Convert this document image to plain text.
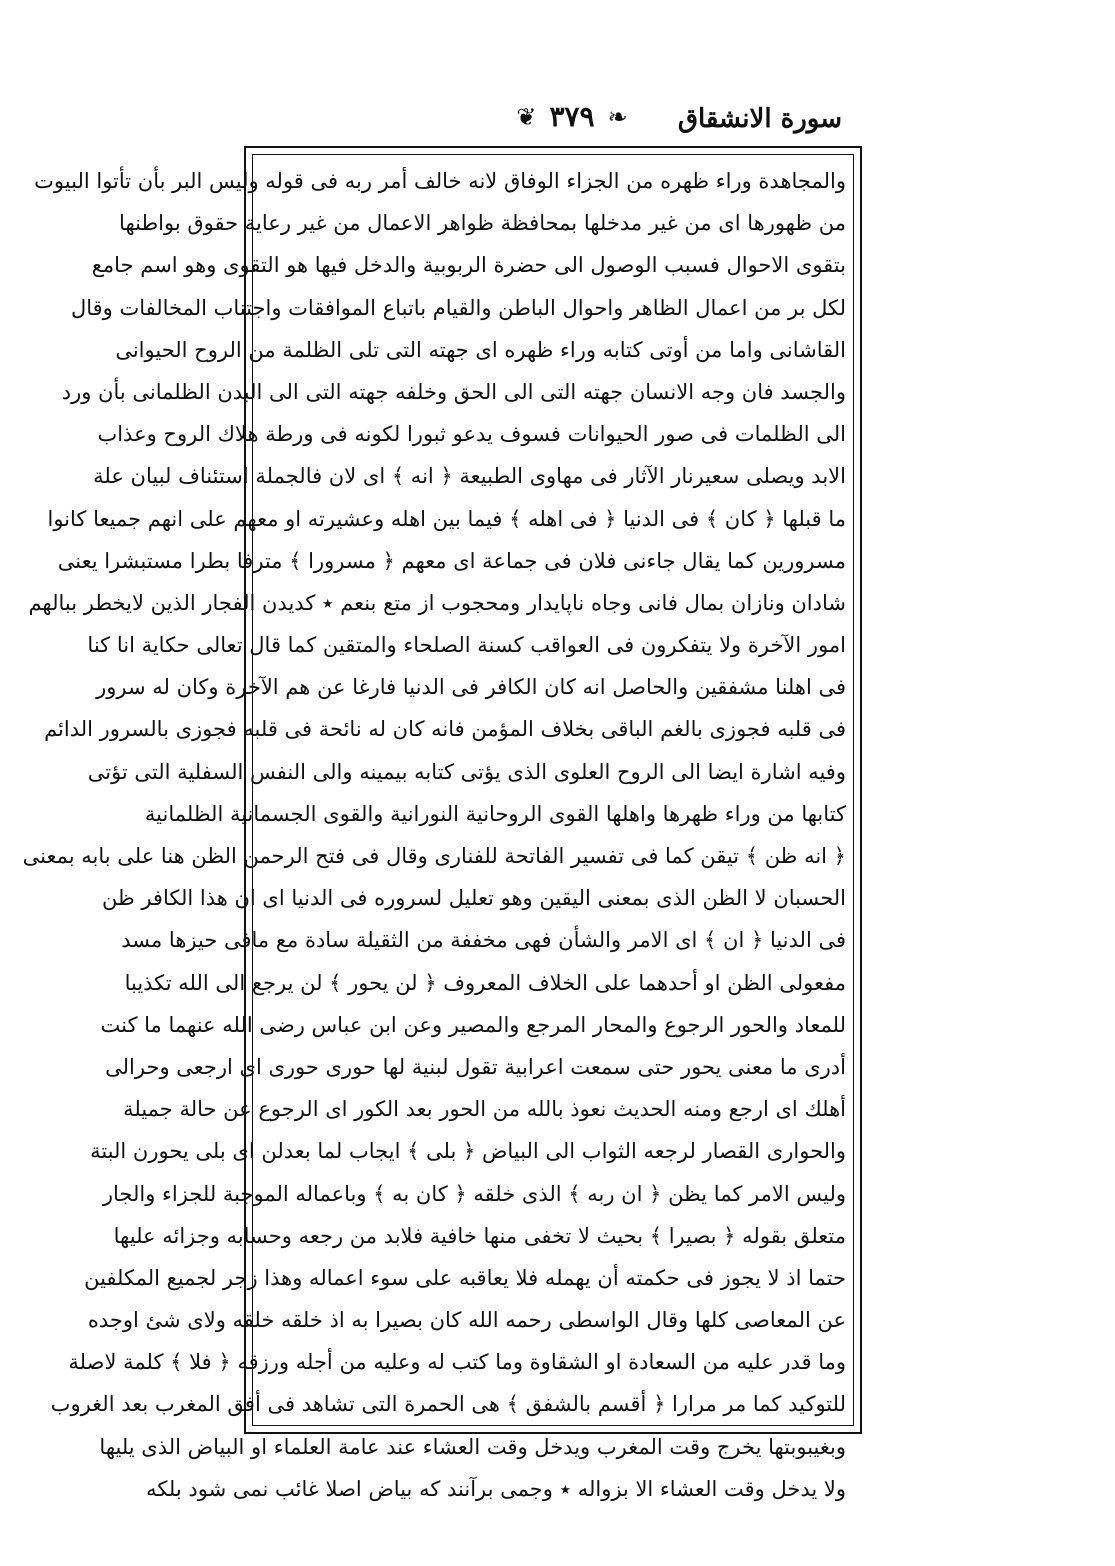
سورة الانشقاق
❦ ٣٧٩ ❧
والمجاهدة وراء ظهره من الجزاء الوفاق لانه خالف أمر ربه فى قوله وليس البر بأن تأتوا البيوت
من ظهورها اى من غير مدخلها بمحافظة ظواهر الاعمال من غير رعاية حقوق بواطنها
بتقوى الاحوال فسبب الوصول الى حضرة الربوبية والدخل فيها هو التقوى وهو اسم جامع
لكل بر من اعمال الظاهر واحوال الباطن والقيام باتباع الموافقات واجتناب المخالفات وقال
القاشانى واما من أوتى كتابه وراء ظهره اى جهته التى تلى الظلمة من الروح الحيوانى
والجسد فان وجه الانسان جهته التى الى الحق وخلفه جهته التى الى البدن الظلمانى بأن ورد
الى الظلمات فى صور الحيوانات فسوف يدعو ثبورا لكونه فى ورطة هلاك الروح وعذاب
الابد ويصلى سعيرنار الآثار فى مهاوى الطبيعة ﴿ انه ﴾ اى لان فالجملة استئناف لبيان علة
ما قبلها ﴿ كان ﴾ فى الدنيا ﴿ فى اهله ﴾ فيما بين اهله وعشيرته او معهم على انهم جميعا كانوا
مسرورين كما يقال جاءنى فلان فى جماعة اى معهم ﴿ مسرورا ﴾ مترفا بطرا مستبشرا يعنى
شادان ونازان بمال فانى وجاه ناپايدار ومحجوب از متع بنعم ٭ كديدن الفجار الذين لايخطر ببالهم
امور الآخرة ولا يتفكرون فى العواقب كسنة الصلحاء والمتقين كما قال تعالى حكاية انا كنا
فى اهلنا مشفقين والحاصل انه كان الكافر فى الدنيا فارغا عن هم الآخرة وكان له سرور
فى قلبه فجوزى بالغم الباقى بخلاف المؤمن فانه كان له نائحة فى قلبه فجوزى بالسرور الدائم
وفيه اشارة ايضا الى الروح العلوى الذى يؤتى كتابه بيمينه والى النفس السفلية التى تؤتى
كتابها من وراء ظهرها واهلها القوى الروحانية النورانية والقوى الجسمانية الظلمانية
﴿ انه ظن ﴾ تيقن كما فى تفسير الفاتحة للفنارى وقال فى فتح الرحمن الظن هنا على بابه بمعنى
الحسبان لا الظن الذى بمعنى اليقين وهو تعليل لسروره فى الدنيا اى ان هذا الكافر ظن
فى الدنيا ﴿ ان ﴾ اى الامر والشأن فهى مخففة من الثقيلة سادة مع مافى حيزها مسد
مفعولى الظن او أحدهما على الخلاف المعروف ﴿ لن يحور ﴾ لن يرجع الى الله تكذيبا
للمعاد والحور الرجوع والمحار المرجع والمصير وعن ابن عباس رضى الله عنهما ما كنت
أدرى ما معنى يحور حتى سمعت اعرابية تقول لبنية لها حورى حورى اى ارجعى وحرالى
أهلك اى ارجع ومنه الحديث نعوذ بالله من الحور بعد الكور اى الرجوع عن حالة جميلة
والحوارى القصار لرجعه الثواب الى البياض ﴿ بلى ﴾ ايجاب لما بعدلن اى بلى يحورن البتة
وليس الامر كما يظن ﴿ ان ربه ﴾ الذى خلقه ﴿ كان به ﴾ وباعماله الموجبة للجزاء والجار
متعلق بقوله ﴿ بصيرا ﴾ بحيث لا تخفى منها خافية فلابد من رجعه وحسابه وجزائه عليها
حتما اذ لا يجوز فى حكمته أن يهمله فلا يعاقبه على سوء اعماله وهذا زجر لجميع المكلفين
عن المعاصى كلها وقال الواسطى رحمه الله كان بصيرا به اذ خلقه خلقه ولاى شئ اوجده
وما قدر عليه من السعادة او الشقاوة وما كتب له وعليه من أجله ورزقه ﴿ فلا ﴾ كلمة لاصلة
للتوكيد كما مر مرارا ﴿ أقسم بالشفق ﴾ هى الحمرة التى تشاهد فى أفق المغرب بعد الغروب
وبغيبوبتها يخرج وقت المغرب ويدخل وقت العشاء عند عامة العلماء او البياض الذى يليها
ولا يدخل وقت العشاء الا بزواله ٭ وجمى برآنند كه بياض اصلا غائب نمى شود بلكه
